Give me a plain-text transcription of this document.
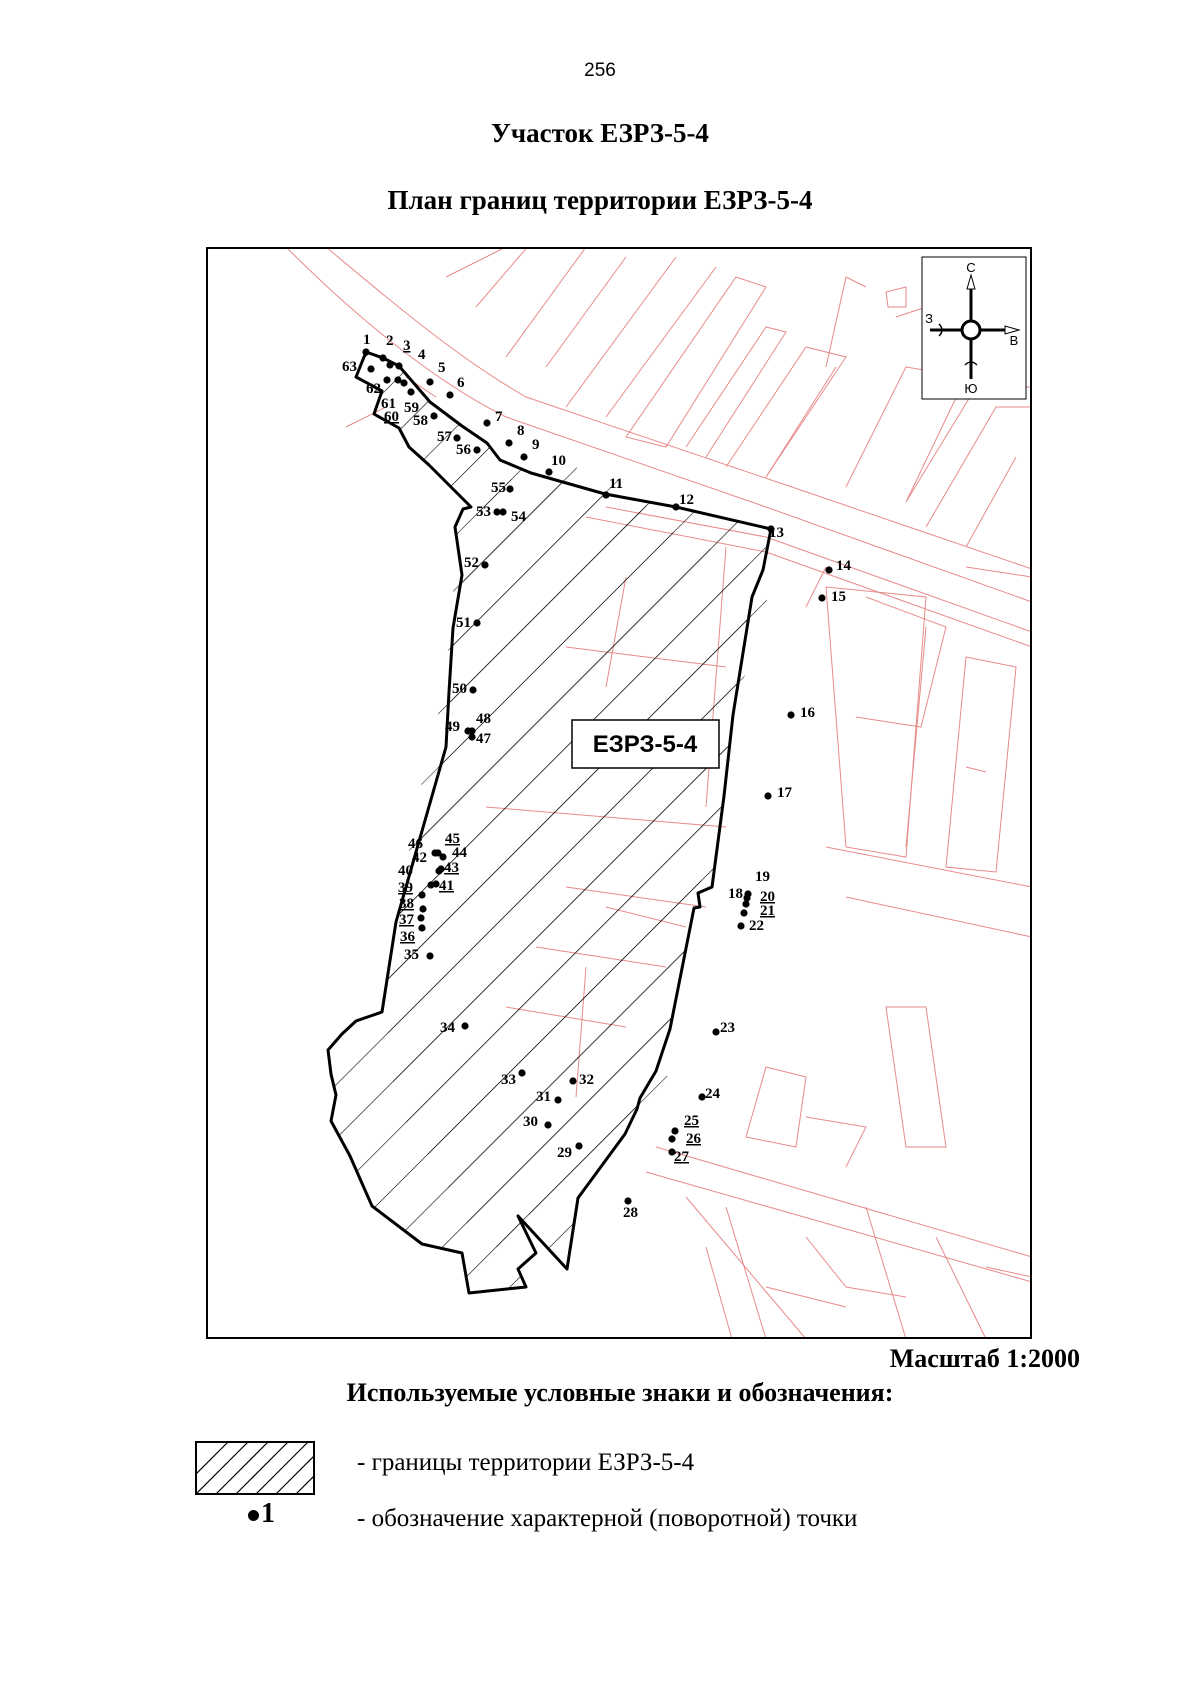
256
Участок ЕЗРЗ-5-4
План границ территории ЕЗРЗ-5-4
1 2 3
4
5
6
7
8
9
10
11
12
13
14
15
16
17
18
19
20
21
22
23
24
25
26
27
28
29
30
31
32
33
34
35
36
37
38
39
40
41
42
43
44
45
46
47
48
49
50
51
52
53 54
55
56
57
58
59
60
61
62
63
ЕЗРЗ-5-4
С
Ю
В
З
Масштаб 1:2000
Используемые условные знаки и обозначения:
- границы территории ЕЗРЗ-5-4
1	- обозначение характерной (поворотной) точки
